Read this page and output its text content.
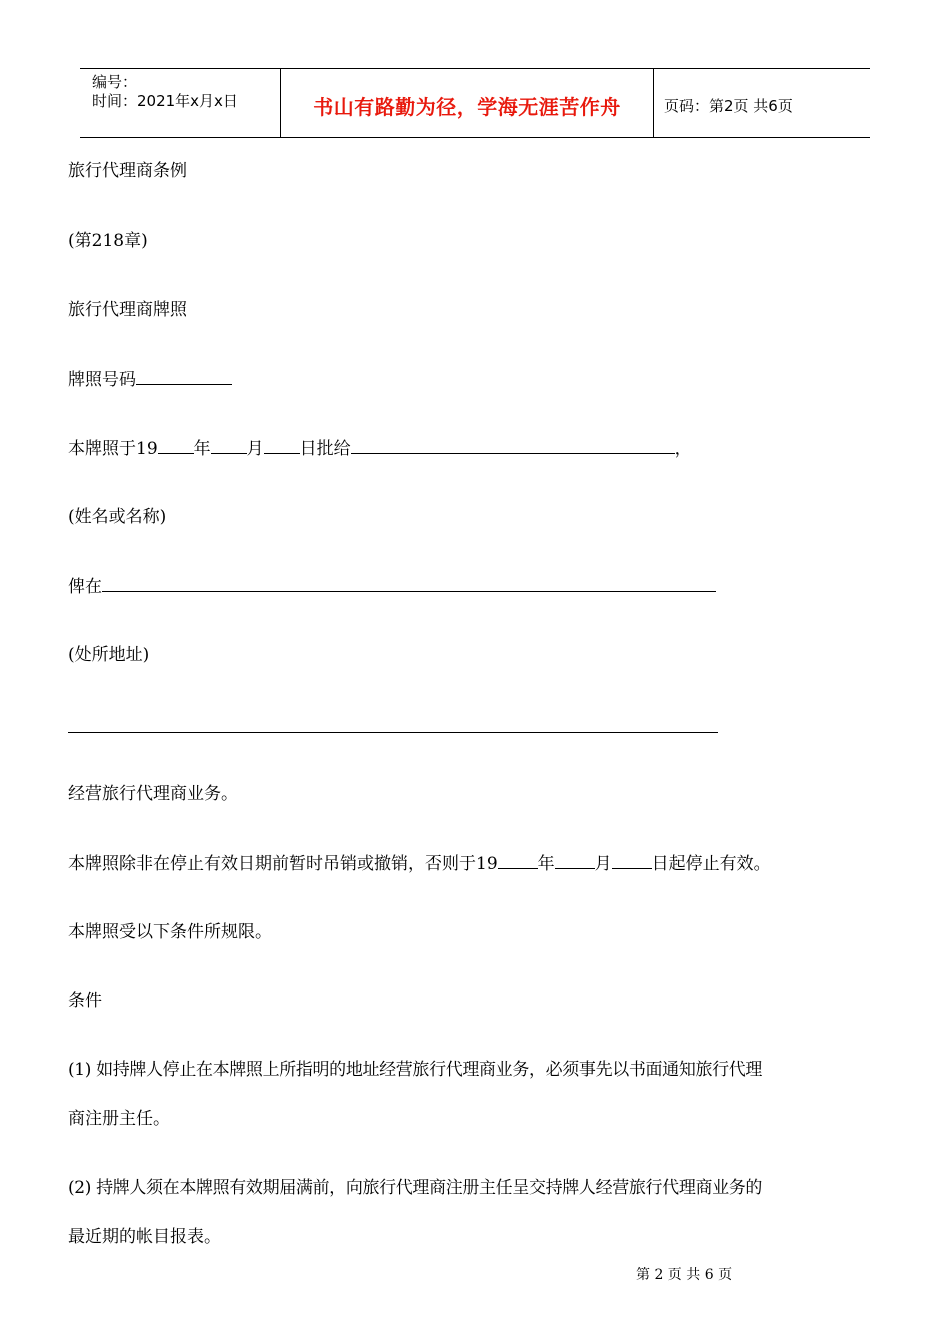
编号：
时间：2021年x月x日	书山有路勤为径，学海无涯苦作舟	页码：第2页 共6页
旅行代理商条例
(第218章)
旅行代理商牌照
牌照号码
本牌照于19 年 月 日批给	，
(姓名或名称)
俾在
(处所地址)
经营旅行代理商业务。
本牌照除非在停止有效日期前暂时吊销或撤销，否则于19 年 月 日起停止有效。
本牌照受以下条件所规限。
条件
(1) 如持牌人停止在本牌照上所指明的地址经营旅行代理商业务，必须事先以书面通知旅行代理
商注册主任。
(2) 持牌人须在本牌照有效期届满前，向旅行代理商注册主任呈交持牌人经营旅行代理商业务的
最近期的帐目报表。
第 2 页 共 6 页
